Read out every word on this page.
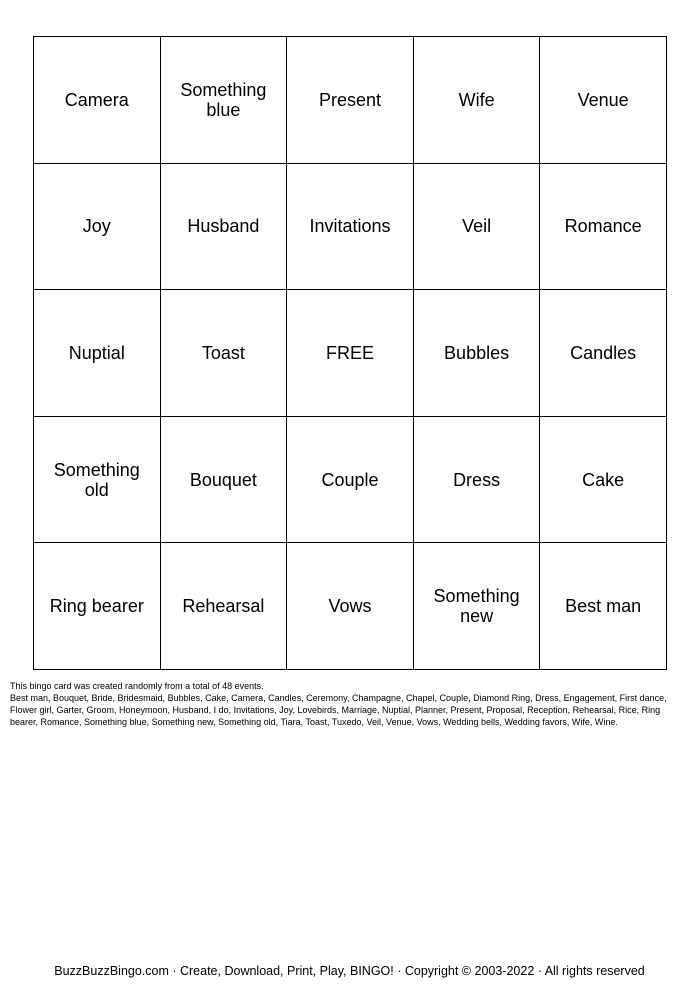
Camera	Something blue	Present	Wife	Venue
Joy	Husband	Invitations	Veil	Romance
Nuptial	Toast	FREE	Bubbles	Candles
Something old	Bouquet	Couple	Dress	Cake
Ring bearer	Rehearsal	Vows	Something new	Best man

This bingo card was created randomly from a total of 48 events.

Best man, Bouquet, Bride, Bridesmaid, Bubbles, Cake, Camera, Candles, Ceremony, Champagne, Chapel, Couple, Diamond Ring, Dress, Engagement, First dance, Flower girl, Garter, Groom, Honeymoon, Husband, I do, Invitations, Joy, Lovebirds, Marriage, Nuptial, Planner, Present, Proposal, Reception, Rehearsal, Rice, Ring bearer, Romance, Something blue, Something new, Something old, Tiara, Toast, Tuxedo, Veil, Venue, Vows, Wedding bells, Wedding favors, Wife, Wine.

BuzzBuzzBingo.com · Create, Download, Print, Play, BINGO! · Copyright © 2003-2022 · All rights reserved
